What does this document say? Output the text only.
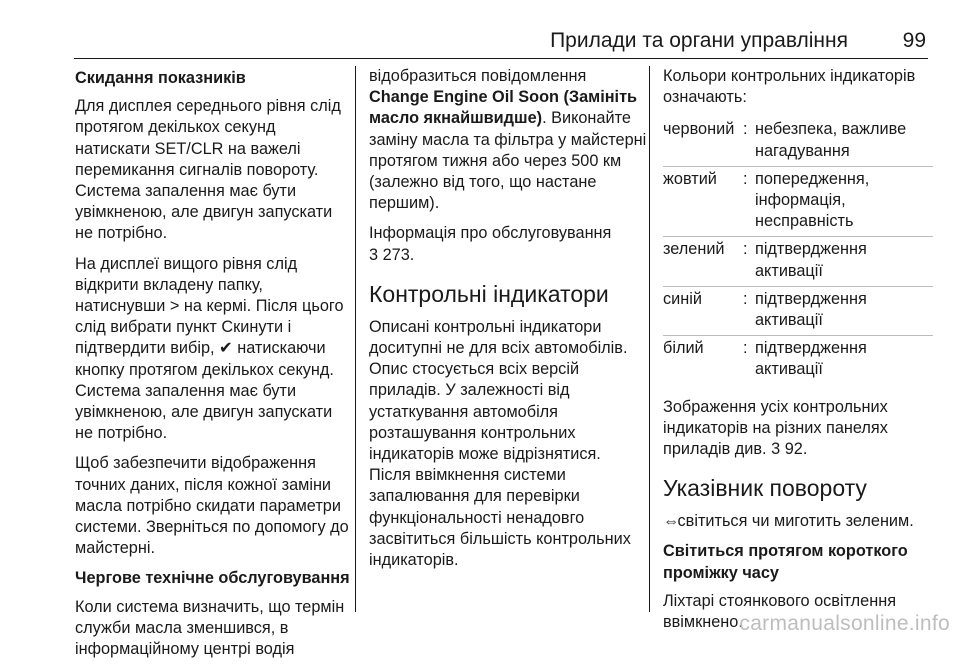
Прилади та органи управління	99
Скидання показників

Для дисплея середнього рівня слід протягом декількох секунд натискати SET/CLR на важелі перемикання сигналів повороту. Система запалення має бути увімкненою, але двигун запускати не потрібно.

На дисплеї вищого рівня слід відкрити вкладену папку, натиснувши > на кермі. Після цього слід вибрати пункт Скинути і підтвердити вибір, ✔ натискаючи кнопку протягом декількох секунд. Система запалення має бути увімкненою, але двигун запускати не потрібно.

Щоб забезпечити відображення точних даних, після кожної заміни масла потрібно скидати параметри системи. Зверніться по допомогу до майстерні.

Чергове технічне обслуговування

Коли система визначить, що термін служби масла зменшився, в інформаційному центрі водія

відобразиться повідомлення Change Engine Oil Soon (Замініть масло якнайшвидше). Виконайте заміну масла та фільтра у майстерні протягом тижня або через 500 км (залежно від того, що настане першим).

Інформація про обслуговування
3 273.

Контрольні індикатори

Описані контрольні індикатори доситупні не для всіх автомобілів. Опис стосується всіх версій приладів. У залежності від устаткування автомобіля розташування контрольних індикаторів може відрізнятися. Після ввімкнення системи запалювання для перевірки функціональності ненадовго засвітиться більшість контрольних індикаторів.

Кольори контрольних індикаторів означають:

червоний	:	небезпека, важливе нагадування
жовтий	:	попередження, інформація, несправність
зелений	:	підтвердження активації
синій	:	підтвердження активації
білий	:	підтвердження активації

Зображення усіх контрольних індикаторів на різних панелях приладів див. 3 92.

Указівник повороту

⇔ світиться чи миготить зеленим.

Світиться протягом короткого проміжку часу

Ліхтарі стоянкового освітлення ввімкнено.

carmanualsonline.info
